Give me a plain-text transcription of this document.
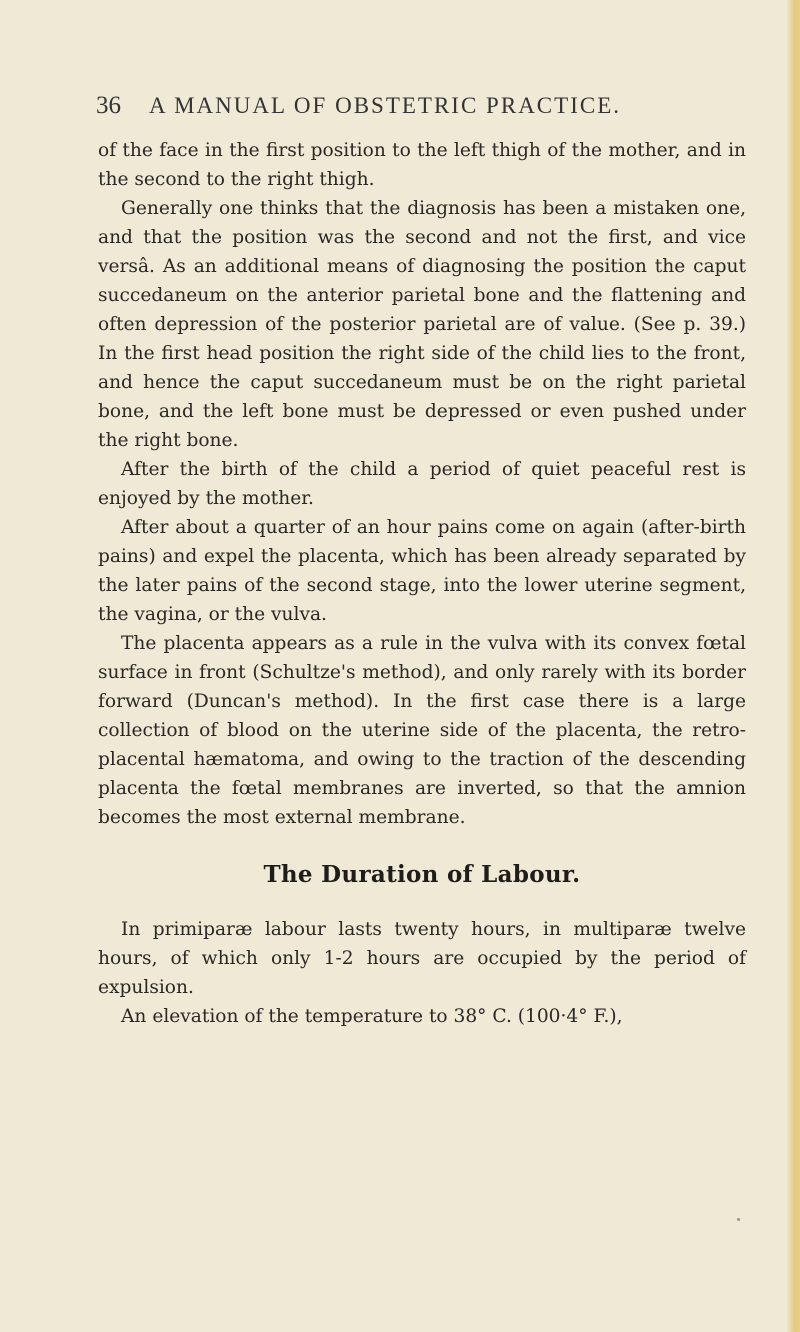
36 A MANUAL OF OBSTETRIC PRACTICE.

of the face in the first position to the left thigh of the mother, and in the second to the right thigh.

Generally one thinks that the diagnosis has been a mistaken one, and that the position was the second and not the first, and vice versâ. As an additional means of diagnosing the position the caput succedaneum on the anterior parietal bone and the flattening and often depression of the posterior parietal are of value. (See p. 39.) In the first head position the right side of the child lies to the front, and hence the caput succedaneum must be on the right parietal bone, and the left bone must be depressed or even pushed under the right bone.

After the birth of the child a period of quiet peaceful rest is enjoyed by the mother.

After about a quarter of an hour pains come on again (after-birth pains) and expel the placenta, which has been already separated by the later pains of the second stage, into the lower uterine segment, the vagina, or the vulva.

The placenta appears as a rule in the vulva with its convex fœtal surface in front (Schultze's method), and only rarely with its border forward (Duncan's method). In the first case there is a large collection of blood on the uterine side of the placenta, the retro-placental hæmatoma, and owing to the traction of the descending placenta the fœtal membranes are inverted, so that the amnion becomes the most external membrane.

The Duration of Labour.

In primiparæ labour lasts twenty hours, in multiparæ twelve hours, of which only 1-2 hours are occupied by the period of expulsion.

An elevation of the temperature to 38° C. (100·4° F.),
